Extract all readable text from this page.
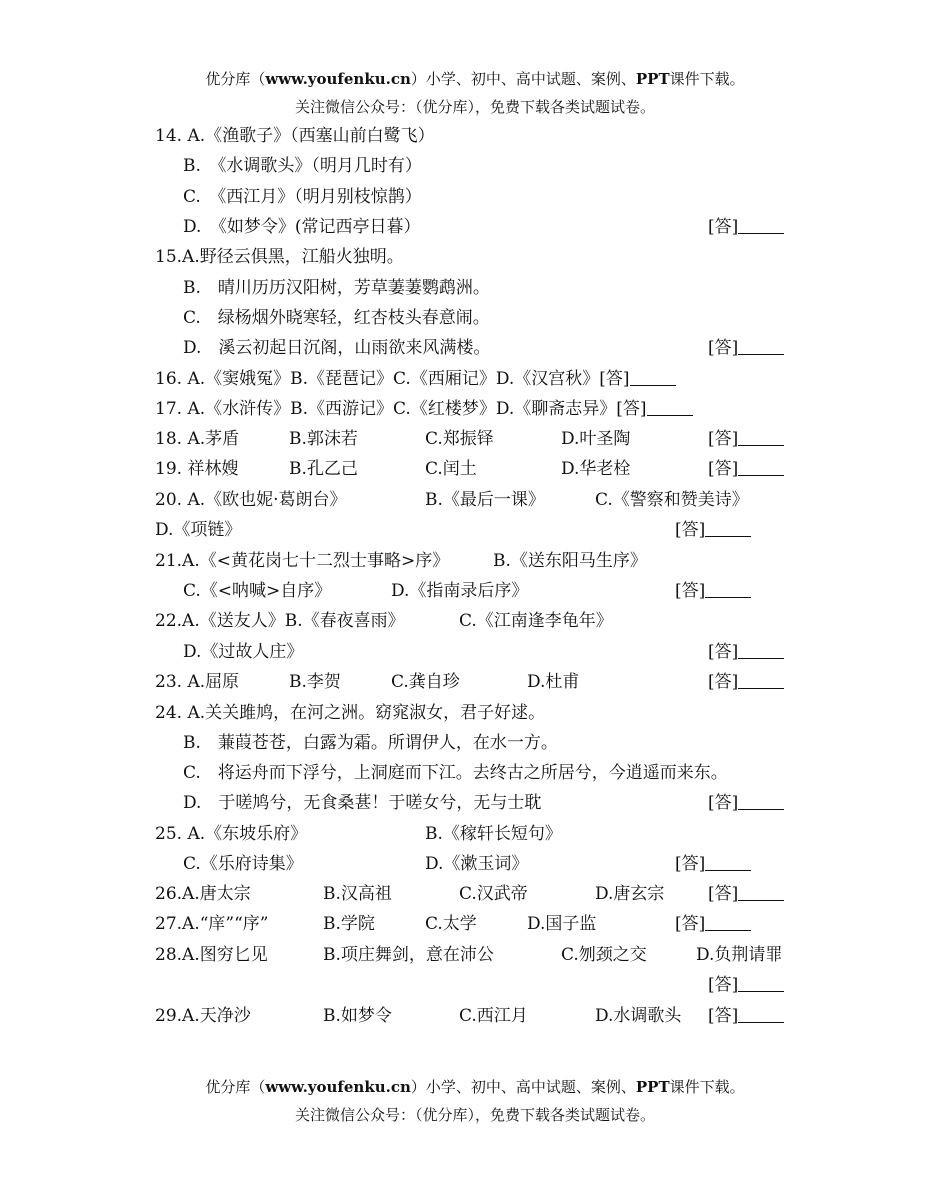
优分库（www.youfenku.cn）小学、初中、高中试题、案例、PPT课件下载。
关注微信公众号：（优分库），免费下载各类试题试卷。
14. A.《渔歌子》（西塞山前白鹭飞）
B.　《水调歌头》（明月几时有）
C.　《西江月》（明月别枝惊鹊）
D.　《如梦令》(常记西亭日暮）	[答]
15.A.野径云俱黑，江船火独明。
B.　晴川历历汉阳树，芳草萋萋鹦鹉洲。
C.　绿杨烟外晓寒轻，红杏枝头春意闹。
D.　溪云初起日沉阁，山雨欲来风满楼。	[答]
16. A.《窦娥冤》B.《琵琶记》C.《西厢记》D.《汉宫秋》[答]
17. A.《水浒传》B.《西游记》C.《红楼梦》D.《聊斋志异》[答]
18. A.茅盾	B.郭沫若	C.郑振铎	D.叶圣陶	[答]
19. 祥林嫂	B.孔乙己	C.闰土	D.华老栓	[答]
20. A.《欧也妮·葛朗台》	B.《最后一课》	C.《警察和赞美诗》
D.《项链》	[答]
21.A.《<黄花岗七十二烈士事略>序》	B.《送东阳马生序》
C.《<呐喊>自序》	D.《指南录后序》	[答]
22.A.《送友人》B.《春夜喜雨》	C.《江南逢李龟年》
D.《过故人庄》	[答]
23. A.屈原	B.李贺	C.龚自珍	D.杜甫	[答]
24. A.关关雎鸠，在河之洲。窈窕淑女，君子好逑。
B.　蒹葭苍苍，白露为霜。所谓伊人，在水一方。
C.　将运舟而下浮兮，上洞庭而下江。去终古之所居兮，今逍遥而来东。
D.　于嗟鸠兮，无食桑葚！于嗟女兮，无与士耽	[答]
25. A.《东坡乐府》	B.《稼轩长短句》
C.《乐府诗集》	D.《漱玉词》	[答]
26.A.唐太宗	B.汉高祖	C.汉武帝	D.唐玄宗	[答]
27.A.“庠”“序”	B.学院	C.太学	D.国子监	[答]
28.A.图穷匕见	B.项庄舞剑，意在沛公	C.刎颈之交	D.负荆请罪
[答]
29.A.天净沙	B.如梦令	C.西江月	D.水调歌头 [答]
优分库（www.youfenku.cn）小学、初中、高中试题、案例、PPT课件下载。
关注微信公众号：（优分库），免费下载各类试题试卷。
